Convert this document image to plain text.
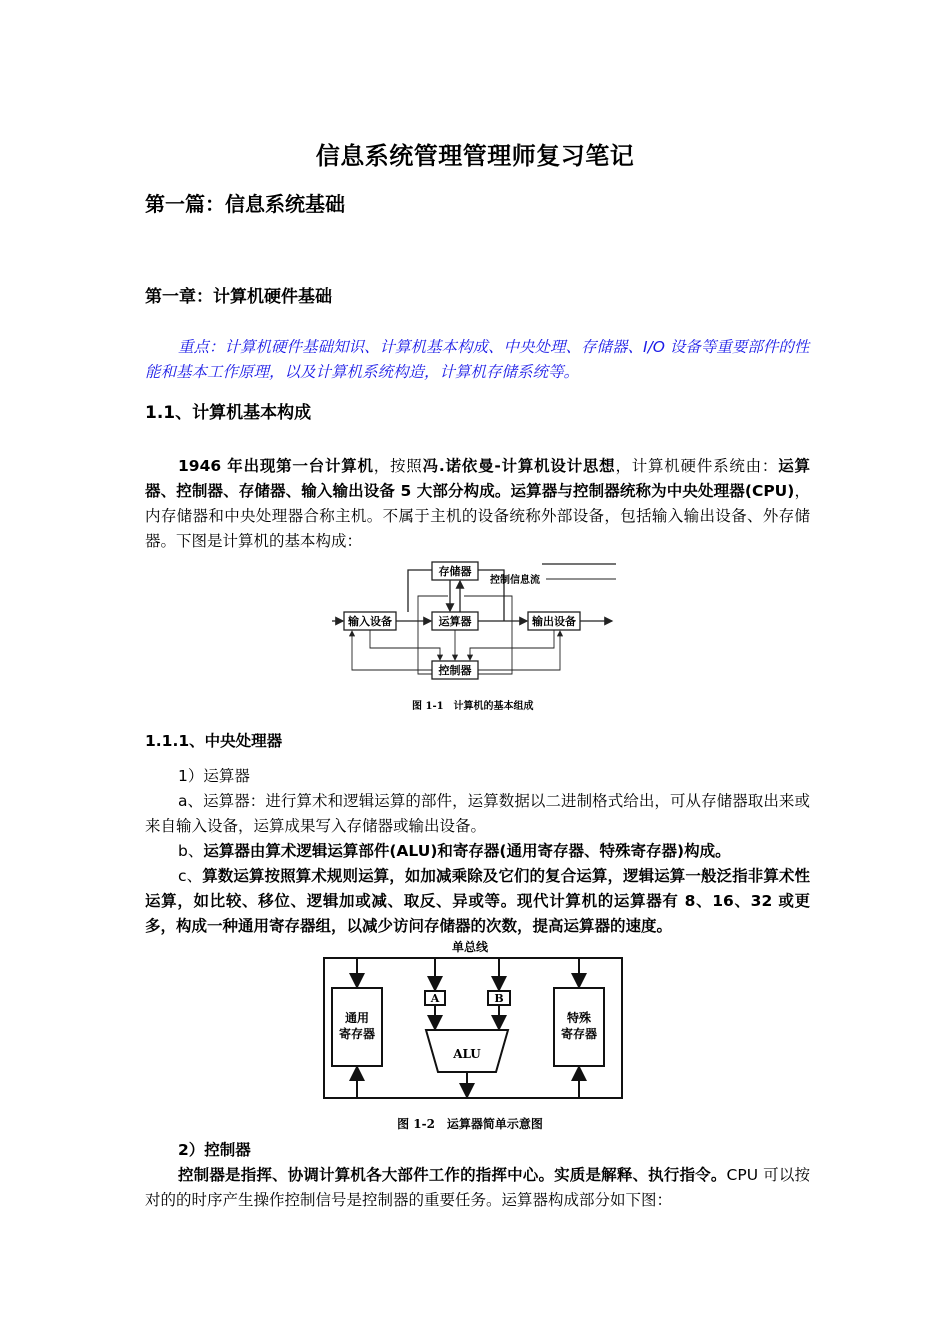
信息系统管理管理师复习笔记
第一篇：信息系统基础
第一章：计算机硬件基础
重点：计算机硬件基础知识、计算机基本构成、中央处理、存储器、I/O 设备等重要部件的性能和基本工作原理，以及计算机系统构造，计算机存储系统等。
1.1、计算机基本构成
1946 年出现第一台计算机，按照冯.诺依曼-计算机设计思想，计算机硬件系统由：运算器、控制器、存储器、输入输出设备 5 大部分构成。运算器与控制器统称为中央处理器(CPU)，内存储器和中央处理器合称主机。不属于主机的设备统称外部设备，包括输入输出设备、外存储器。下图是计算机的基本构成：
存储器
输入设备	运算器	输出设备
控制器
控制信息流
图 1-1　计算机的基本组成
1.1.1、中央处理器
1）运算器
a、运算器：进行算术和逻辑运算的部件，运算数据以二进制格式给出，可从存储器取出来或来自输入设备，运算成果写入存储器或输出设备。
b、运算器由算术逻辑运算部件(ALU)和寄存器(通用寄存器、特殊寄存器)构成。
c、算数运算按照算术规则运算，如加减乘除及它们的复合运算，逻辑运算一般泛指非算术性运算，如比较、移位、逻辑加或减、取反、异或等。现代计算机的运算器有 8、16、32 或更多，构成一种通用寄存器组，以减少访问存储器的次数，提高运算器的速度。
单总线
通用
寄存器
特殊
寄存器
A	B
ALU
图 1-2　运算器简单示意图
2）控制器
控制器是指挥、协调计算机各大部件工作的指挥中心。实质是解释、执行指令。CPU 可以按对的的时序产生操作控制信号是控制器的重要任务。运算器构成部分如下图：
